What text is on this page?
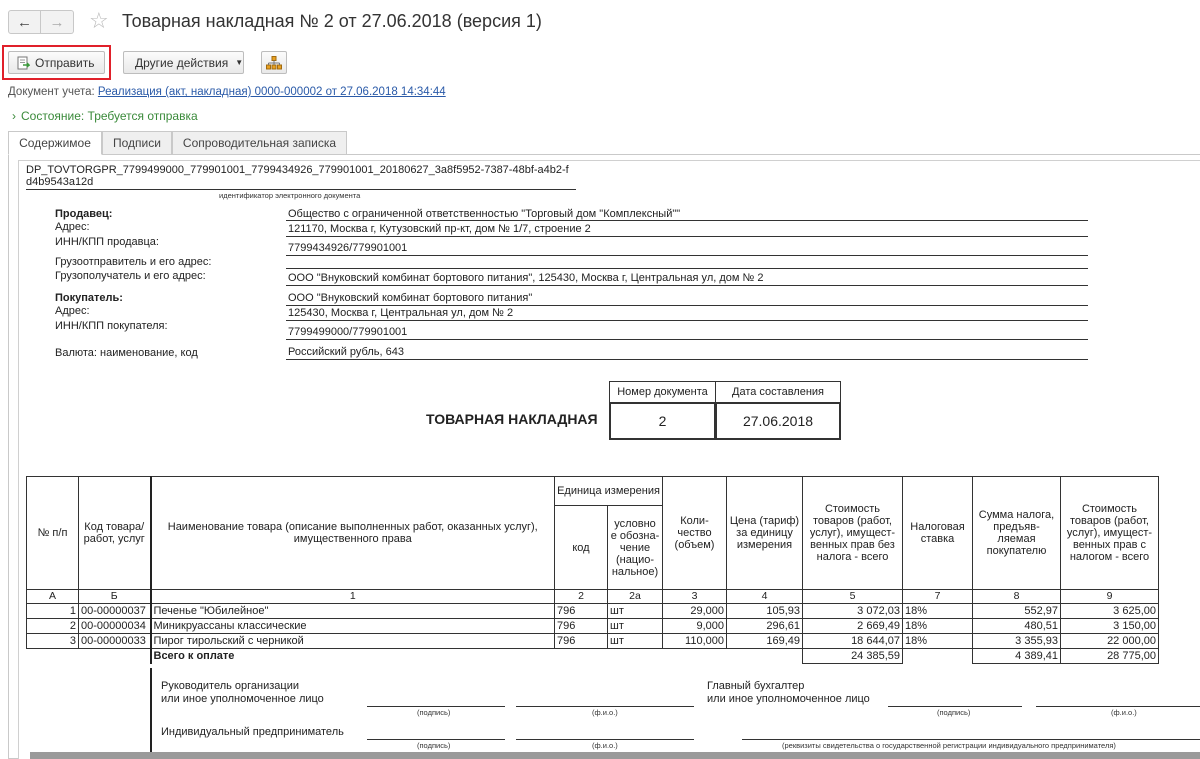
← → ☆ Товарная накладная № 2 от 27.06.2018 (версия 1)
Отправить	Другие действия ▼
Документ учета: Реализация (акт, накладная) 0000-000002 от 27.06.2018 14:34:44
› Состояние: Требуется отправка
Содержимое	Подписи	Сопроводительная записка
DP_TOVTORGPR_7799499000_779901001_7799434926_779901001_20180627_3a8f5952-7387-48bf-a4b2-f
d4b9543a12d
идентификатор электронного документа
Продавец:	Общество с ограниченной ответственностью "Торговый дом "Комплексный""
Адрес:	121170, Москва г, Кутузовский пр-кт, дом № 1/7, строение 2
ИНН/КПП продавца:	7799434926/779901001
Грузоотправитель и его адрес:
Грузополучатель и его адрес:	ООО "Внуковский комбинат бортового питания", 125430, Москва г, Центральная ул, дом № 2
Покупатель:	ООО "Внуковский комбинат бортового питания"
Адрес:	125430, Москва г, Центральная ул, дом № 2
ИНН/КПП покупателя:	7799499000/779901001
Валюта: наименование, код	Российский рубль, 643
ТОВАРНАЯ НАКЛАДНАЯ
Номер документа	Дата составления
2	27.06.2018
№ п/п	Код товара/ работ, услуг	Наименование товара (описание выполненных работ, оказанных услуг), имущественного права	Единица измерения		Коли- чество (объем)	Цена (тариф) за единицу измерения	Стоимость товаров (работ, услуг), имущест- венных прав без налога - всего	Налоговая ставка	Сумма налога, предъяв- ляемая покупателю	Стоимость товаров (работ, услуг), имущест- венных прав с налогом - всего
			код	условно е обозна- чение (нацио- нальное)						
А	Б	1	2	2а	3	4	5	7	8	9
1	00-00000037	Печенье "Юбилейное"	796	шт	29,000	105,93	3 072,03	18%	552,97	3 625,00
2	00-00000034	Миникруассаны классические	796	шт	9,000	296,61	2 669,49	18%	480,51	3 150,00
3	00-00000033	Пирог тирольский с черникой	796	шт	110,000	169,49	18 644,07	18%	3 355,93	22 000,00
		Всего к оплате					24 385,59		4 389,41	28 775,00
Руководитель организации
или иное уполномоченное лицо
(подпись)	(ф.и.о.)
Главный бухгалтер
или иное уполномоченное лицо
(подпись)	(ф.и.о.)
Индивидуальный предприниматель
(подпись)	(ф.и.о.)	(реквизиты свидетельства о государственной регистрации индивидуального предпринимателя)
